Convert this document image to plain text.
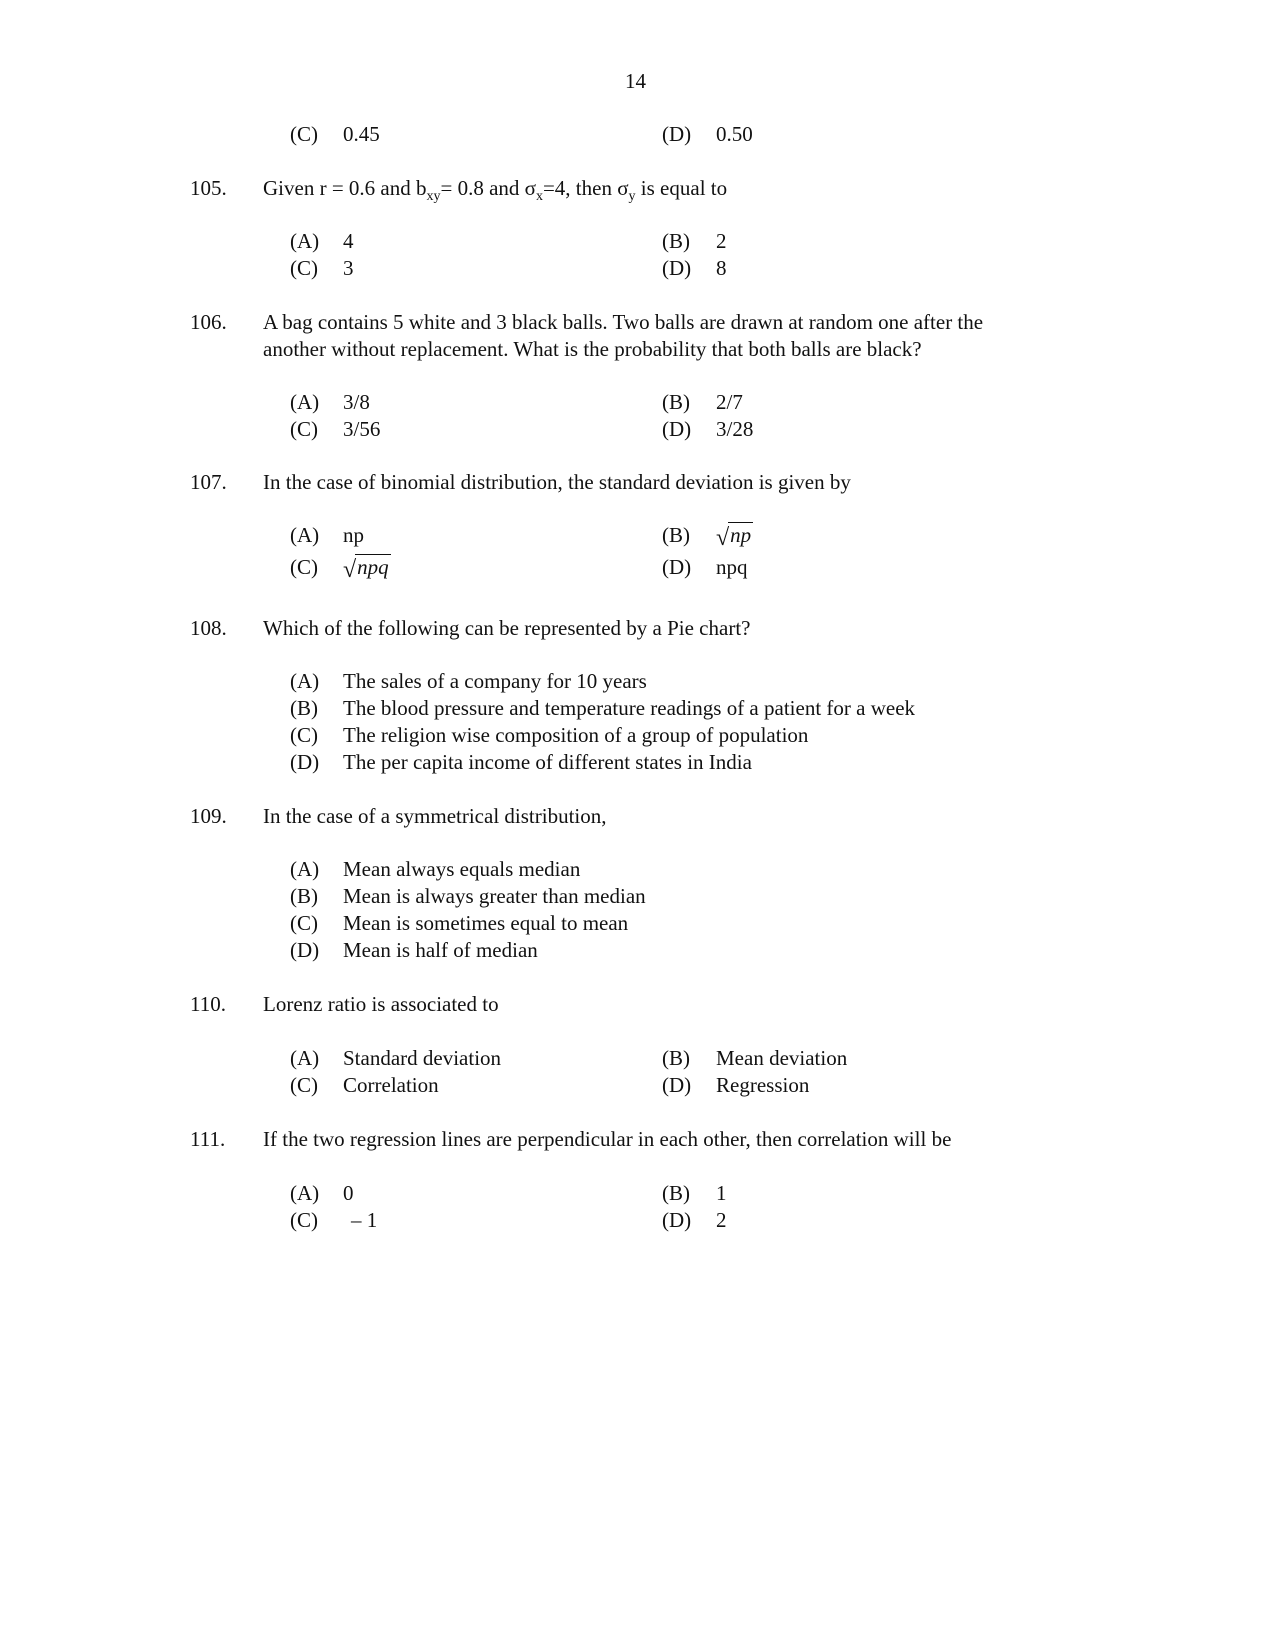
14
(C) 0.45	(D) 0.50
105. Given r = 0.6 and $b_{xy}= 0.8$ and $\sigma_x=4$, then $\sigma_y$ is equal to
(A) 4	(B) 2
(C) 3	(D) 8
106. A bag contains 5 white and 3 black balls. Two balls are drawn at random one after the
another without replacement. What is the probability that both balls are black?
(A) 3/8	(B) 2/7
(C) 3/56	(D) 3/28
107. In the case of binomial distribution, the standard deviation is given by
(A) np	(B) √np
(C) √npq	(D) npq
108. Which of the following can be represented by a Pie chart?
(A) The sales of a company for 10 years
(B) The blood pressure and temperature readings of a patient for a week
(C) The religion wise composition of a group of population
(D) The per capita income of different states in India
109. In the case of a symmetrical distribution,
(A) Mean always equals median
(B) Mean is always greater than median
(C) Mean is sometimes equal to mean
(D) Mean is half of median
110. Lorenz ratio is associated to
(A) Standard deviation	(B) Mean deviation
(C) Correlation	(D) Regression
111. If the two regression lines are perpendicular in each other, then correlation will be
(A) 0	(B) 1
(C) – 1	(D) 2
